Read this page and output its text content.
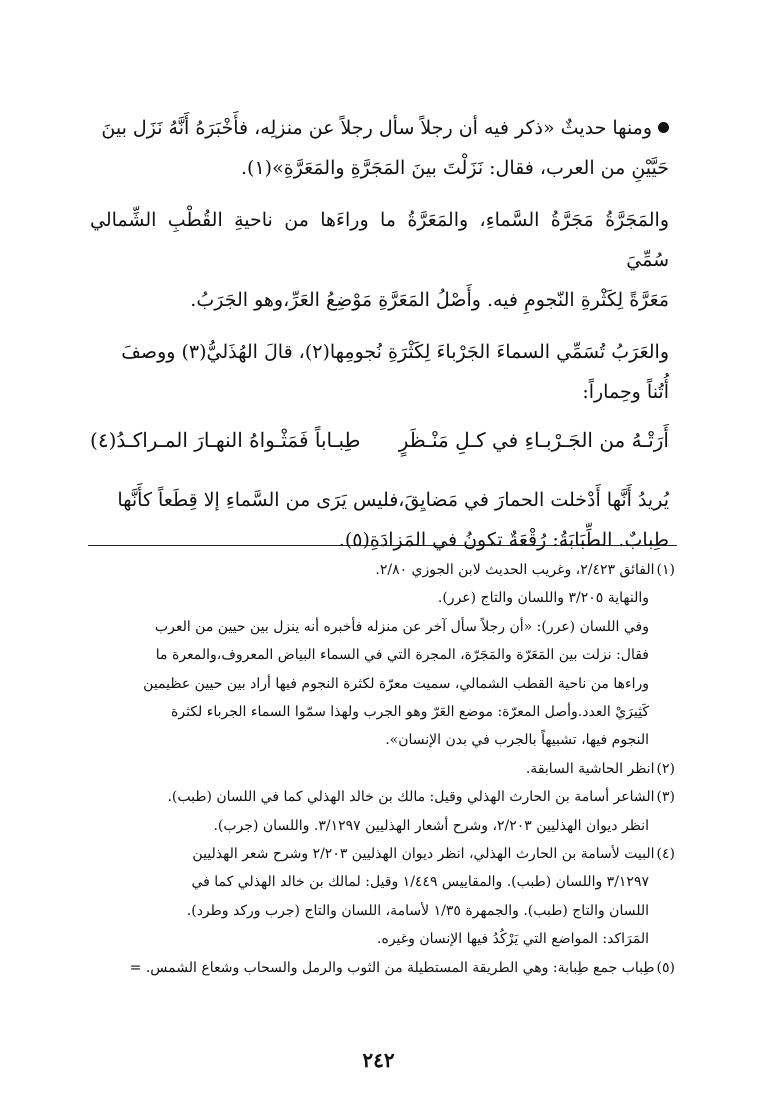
ومنها حديثٌ «ذكر فيه أن رجلاً سأل رجلاً عن منزلِه، فأَخْبَرَهُ أَنَّهُ نَزَل بينَ
حَيَّيْنِ من العرب، فقال: نَزَلْتَ بينَ المَجَرَّةِ والمَعَرَّةِ»(١).

والمَجَرَّةُ مَجَرَّةُ السَّماءِ، والمَعَرَّةُ ما وراءَها من ناحيةِ القُطْبِ الشِّمالي سُمِّيَ
مَعَرَّةً لِكَثْرةِ النّجومِ فيه. وأَصْلُ المَعَرَّةِ مَوْضِعُ العَرِّ،وهو الجَرَبُ.

والعَرَبُ تُسَمِّي السماءَ الجَرْباءَ لِكَثْرَةِ نُجومِها(٢)، قالَ الهُذَليُّ(٣) ووصفَ
أُتُناً وحِماراً:

أَرَتْـهُ من الجَـرْبـاءِ في كـلِ مَنْـظَرٍ
طِبـاباً فَمَثْـواهُ النهـارَ المـراكـدُ(٤)

يُريدُ أَنَّها أَدْخلت الحمارَ في مَضايِقَ،فليس يَرَى من السَّماءِ إلا قِطَعاً كأَنَّها
طِبابٌ. الطِّبَابَةُ: رُقْعَةٌ تكونُ في المَزادَةِ(٥).

(١)الفائق ٢/٤٢٣، وغريب الحديث لابن الجوزي ٢/٨٠.
والنهاية ٣/٢٠٥ واللسان والتاج (عرر).
وفي اللسان (عرر): «أن رجلاً سأل آخر عن منزله فأخبره أنه ينزل بين حيين من العرب
فقال: نزلت بين المَعَرّة والمَجَرّة، المجرة التي في السماء البياض المعروف،والمعرة ما
وراءها من ناحية القطب الشمالي، سميت معرّة لكثرة النجوم فيها أراد بين حيين عظيمين
كَثِيرَيْ العدد.وأصل المعرّة: موضع العَرّ وهو الجرب ولهذا سمّوا السماء الجرباء لكثرة
النجوم فيها، تشبيهاً بالجرب في بدن الإنسان».

(٢)انظر الحاشية السابقة.

(٣)الشاعر أسامة بن الحارث الهذلي وقيل: مالك بن خالد الهذلي كما في اللسان (طبب).
انظر ديوان الهذليين ٢/٢٠٣، وشرح أشعار الهذليين ٣/١٢٩٧. واللسان (جرب).

(٤)البيت لأسامة بن الحارث الهذلي، انظر ديوان الهذليين ٢/٢٠٣ وشرح شعر الهذليين
٣/١٢٩٧ واللسان (طبب). والمقاييس ١/٤٤٩ وقيل: لمالك بن خالد الهذلي كما في
اللسان والتاج (طبب). والجمهرة ١/٣٥ لأسامة، اللسان والتاج (جرب وركد وطرد).
المَرَاكد: المواضع التي يَرْكُدُ فيها الإنسان وغيره.

(٥)طِباب جمع طِبابة: وهي الطريقة المستطيلة من الثوب والرمل والسحاب وشعاع الشمس. =

٢٤٢
